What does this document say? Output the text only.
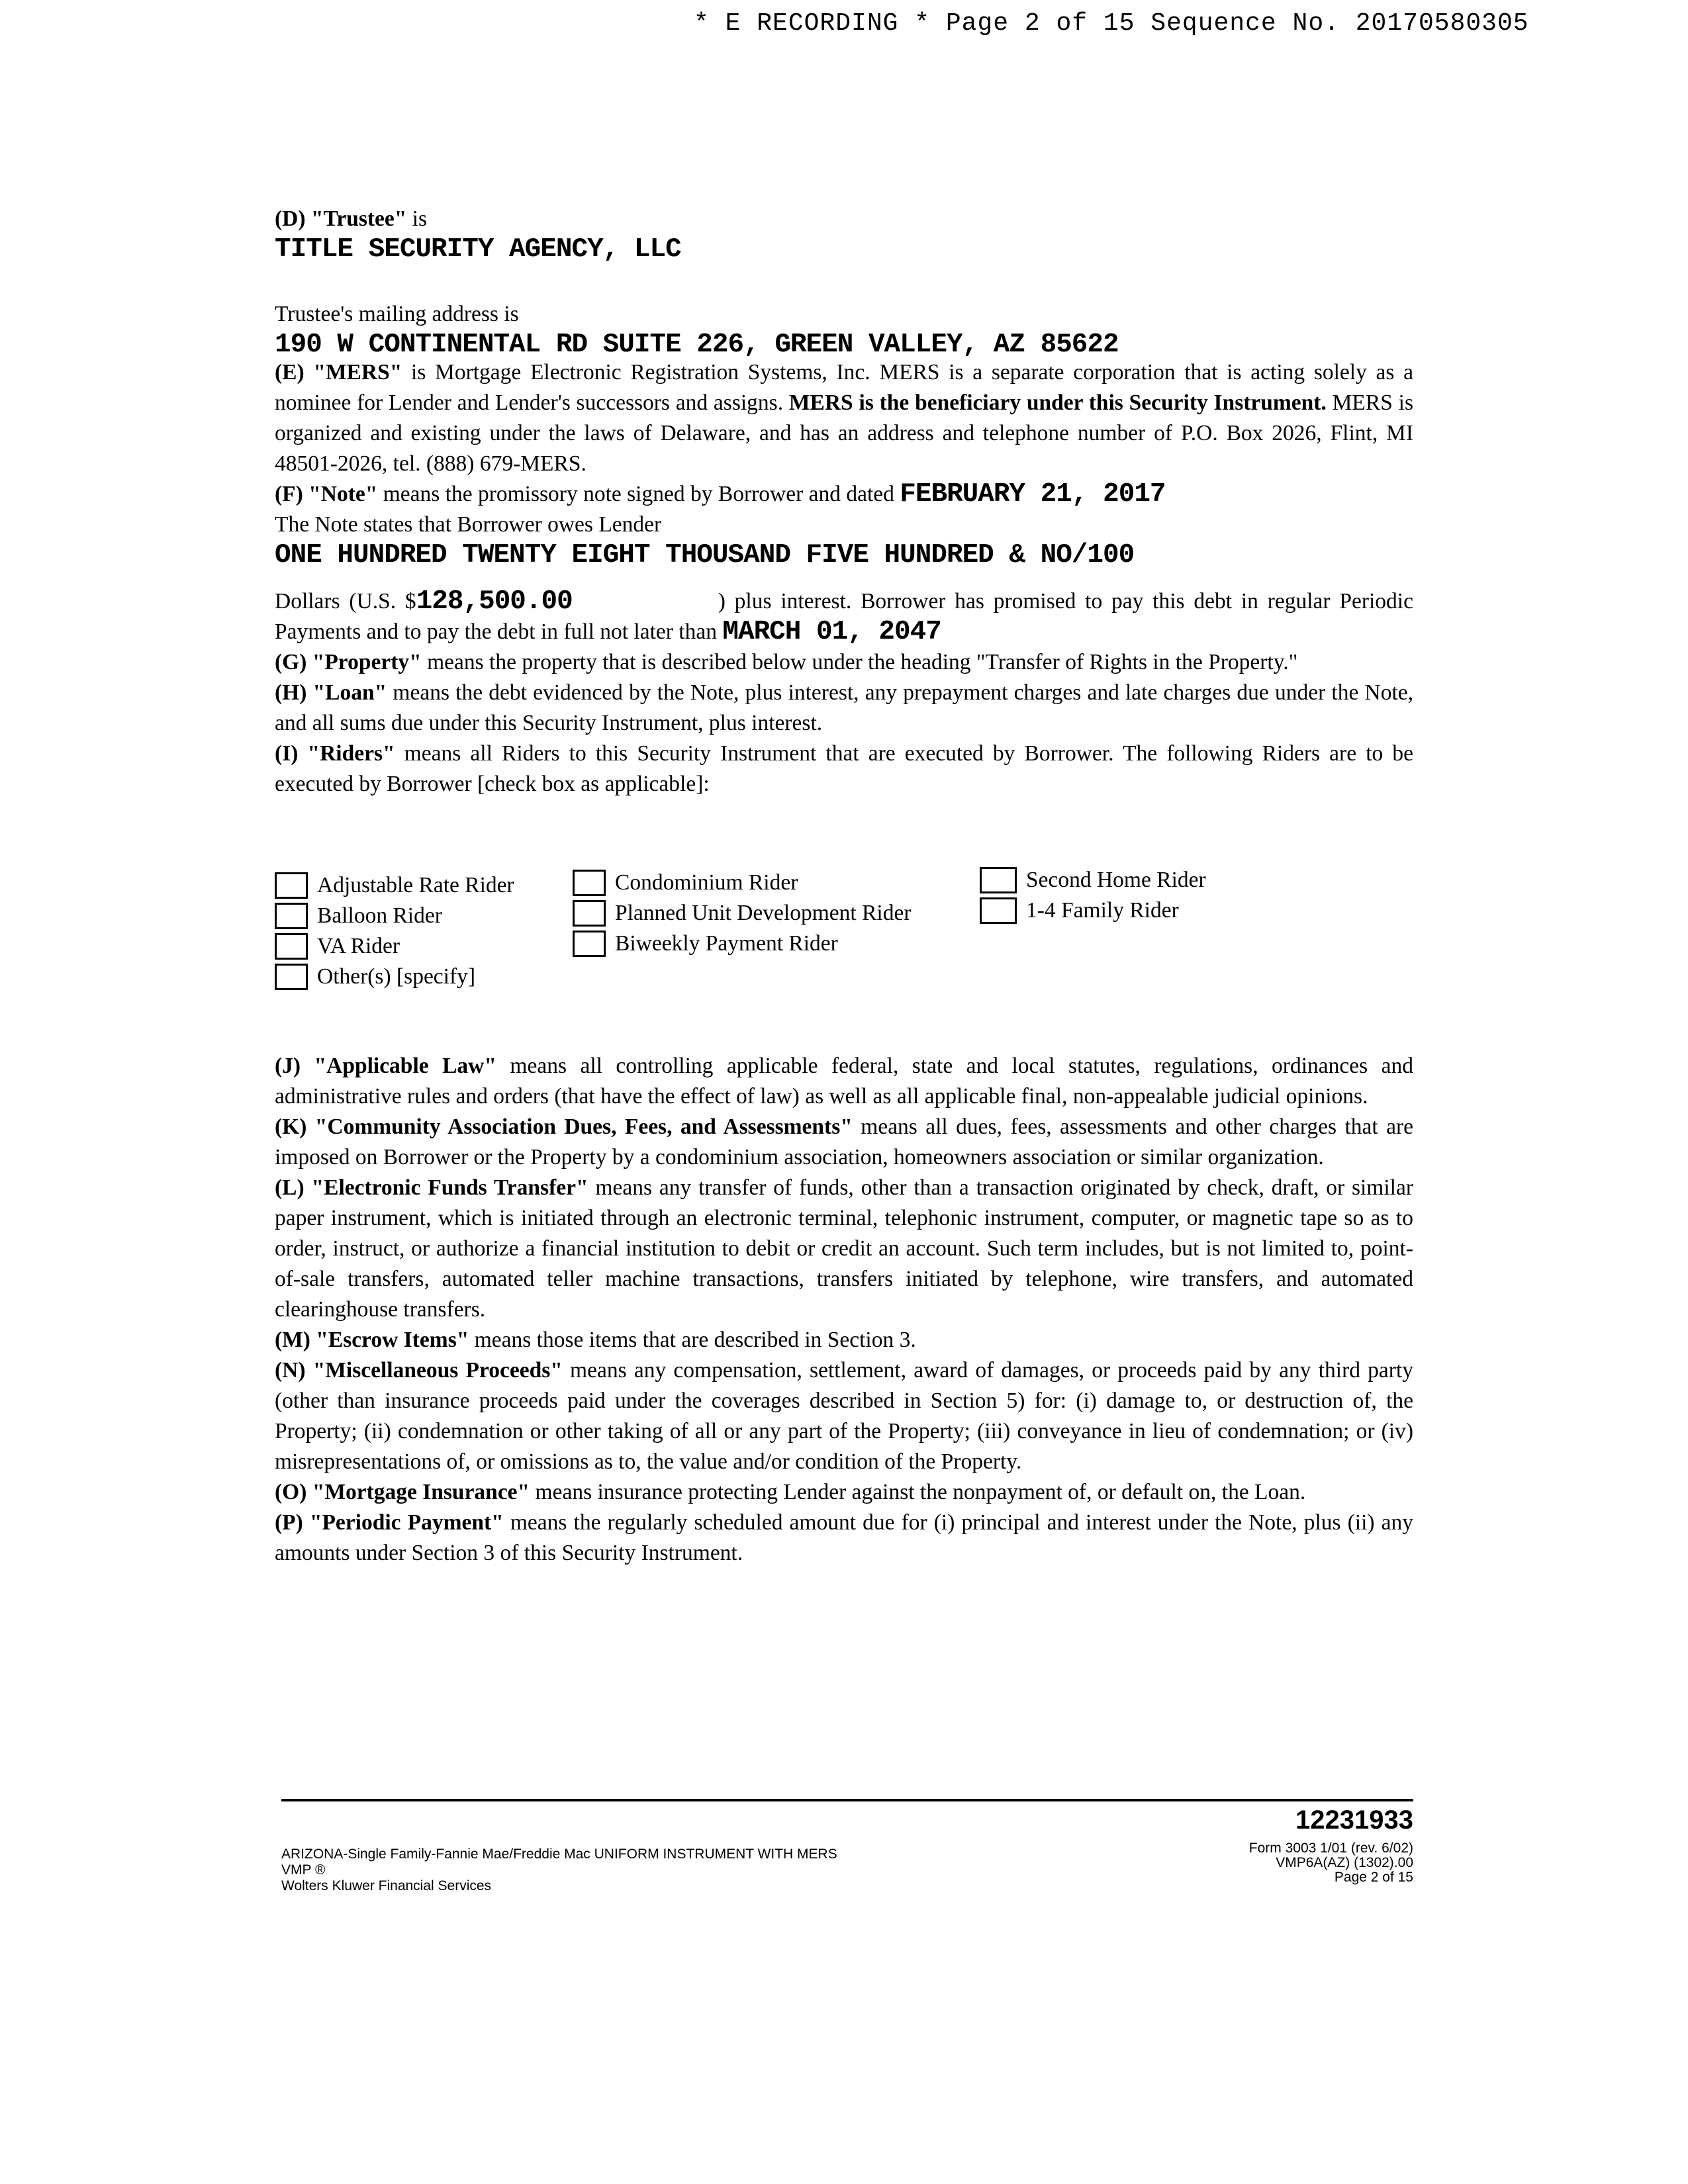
* E RECORDING * Page 2 of 15 Sequence No. 20170580305

(D) "Trustee" is

TITLE SECURITY AGENCY, LLC

Trustee's mailing address is

190 W CONTINENTAL RD SUITE 226, GREEN VALLEY, AZ 85622

(E) "MERS" is Mortgage Electronic Registration Systems, Inc. MERS is a separate corporation that is acting solely as a nominee for Lender and Lender's successors and assigns. MERS is the beneficiary under this Security Instrument. MERS is organized and existing under the laws of Delaware, and has an address and telephone number of P.O. Box 2026, Flint, MI 48501-2026, tel. (888) 679-MERS.

(F) "Note" means the promissory note signed by Borrower and dated FEBRUARY 21, 2017

The Note states that Borrower owes Lender

ONE HUNDRED TWENTY EIGHT THOUSAND FIVE HUNDRED & NO/100

Dollars (U.S. $128,500.00	) plus interest. Borrower has promised to pay this debt in regular Periodic Payments and to pay the debt in full not later than MARCH 01, 2047

(G) "Property" means the property that is described below under the heading "Transfer of Rights in the Property."

(H) "Loan" means the debt evidenced by the Note, plus interest, any prepayment charges and late charges due under the Note, and all sums due under this Security Instrument, plus interest.

(I) "Riders" means all Riders to this Security Instrument that are executed by Borrower. The following Riders are to be executed by Borrower [check box as applicable]:

Adjustable Rate Rider	Condominium Rider	Second Home Rider
Balloon Rider	Planned Unit Development Rider	1-4 Family Rider
VA Rider	Biweekly Payment Rider
Other(s) [specify]

(J) "Applicable Law" means all controlling applicable federal, state and local statutes, regulations, ordinances and administrative rules and orders (that have the effect of law) as well as all applicable final, non-appealable judicial opinions.

(K) "Community Association Dues, Fees, and Assessments" means all dues, fees, assessments and other charges that are imposed on Borrower or the Property by a condominium association, homeowners association or similar organization.

(L) "Electronic Funds Transfer" means any transfer of funds, other than a transaction originated by check, draft, or similar paper instrument, which is initiated through an electronic terminal, telephonic instrument, computer, or magnetic tape so as to order, instruct, or authorize a financial institution to debit or credit an account. Such term includes, but is not limited to, point-of-sale transfers, automated teller machine transactions, transfers initiated by telephone, wire transfers, and automated clearinghouse transfers.

(M) "Escrow Items" means those items that are described in Section 3.

(N) "Miscellaneous Proceeds" means any compensation, settlement, award of damages, or proceeds paid by any third party (other than insurance proceeds paid under the coverages described in Section 5) for: (i) damage to, or destruction of, the Property; (ii) condemnation or other taking of all or any part of the Property; (iii) conveyance in lieu of condemnation; or (iv) misrepresentations of, or omissions as to, the value and/or condition of the Property.

(O) "Mortgage Insurance" means insurance protecting Lender against the nonpayment of, or default on, the Loan.

(P) "Periodic Payment" means the regularly scheduled amount due for (i) principal and interest under the Note, plus (ii) any amounts under Section 3 of this Security Instrument.

12231933
ARIZONA-Single Family-Fannie Mae/Freddie Mac UNIFORM INSTRUMENT WITH MERS
VMP ®
Wolters Kluwer Financial Services
Form 3003 1/01 (rev. 6/02)
VMP6A(AZ) (1302).00
Page 2 of 15
